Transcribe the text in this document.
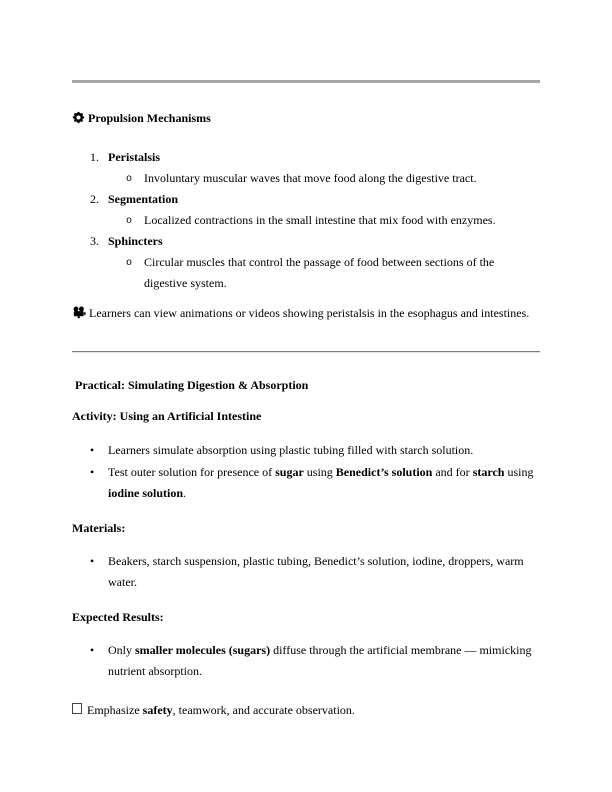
Propulsion Mechanisms
1. Peristalsis
o Involuntary muscular waves that move food along the digestive tract.
2. Segmentation
o Localized contractions in the small intestine that mix food with enzymes.
3. Sphincters
o Circular muscles that control the passage of food between sections of the digestive system.

Learners can view animations or videos showing peristalsis in the esophagus and intestines.

Practical: Simulating Digestion & Absorption
Activity: Using an Artificial Intestine
• Learners simulate absorption using plastic tubing filled with starch solution.
• Test outer solution for presence of sugar using Benedict’s solution and for starch using iodine solution.
Materials:
• Beakers, starch suspension, plastic tubing, Benedict’s solution, iodine, droppers, warm water.
Expected Results:
• Only smaller molecules (sugars) diffuse through the artificial membrane — mimicking nutrient absorption.

Emphasize safety, teamwork, and accurate observation.
